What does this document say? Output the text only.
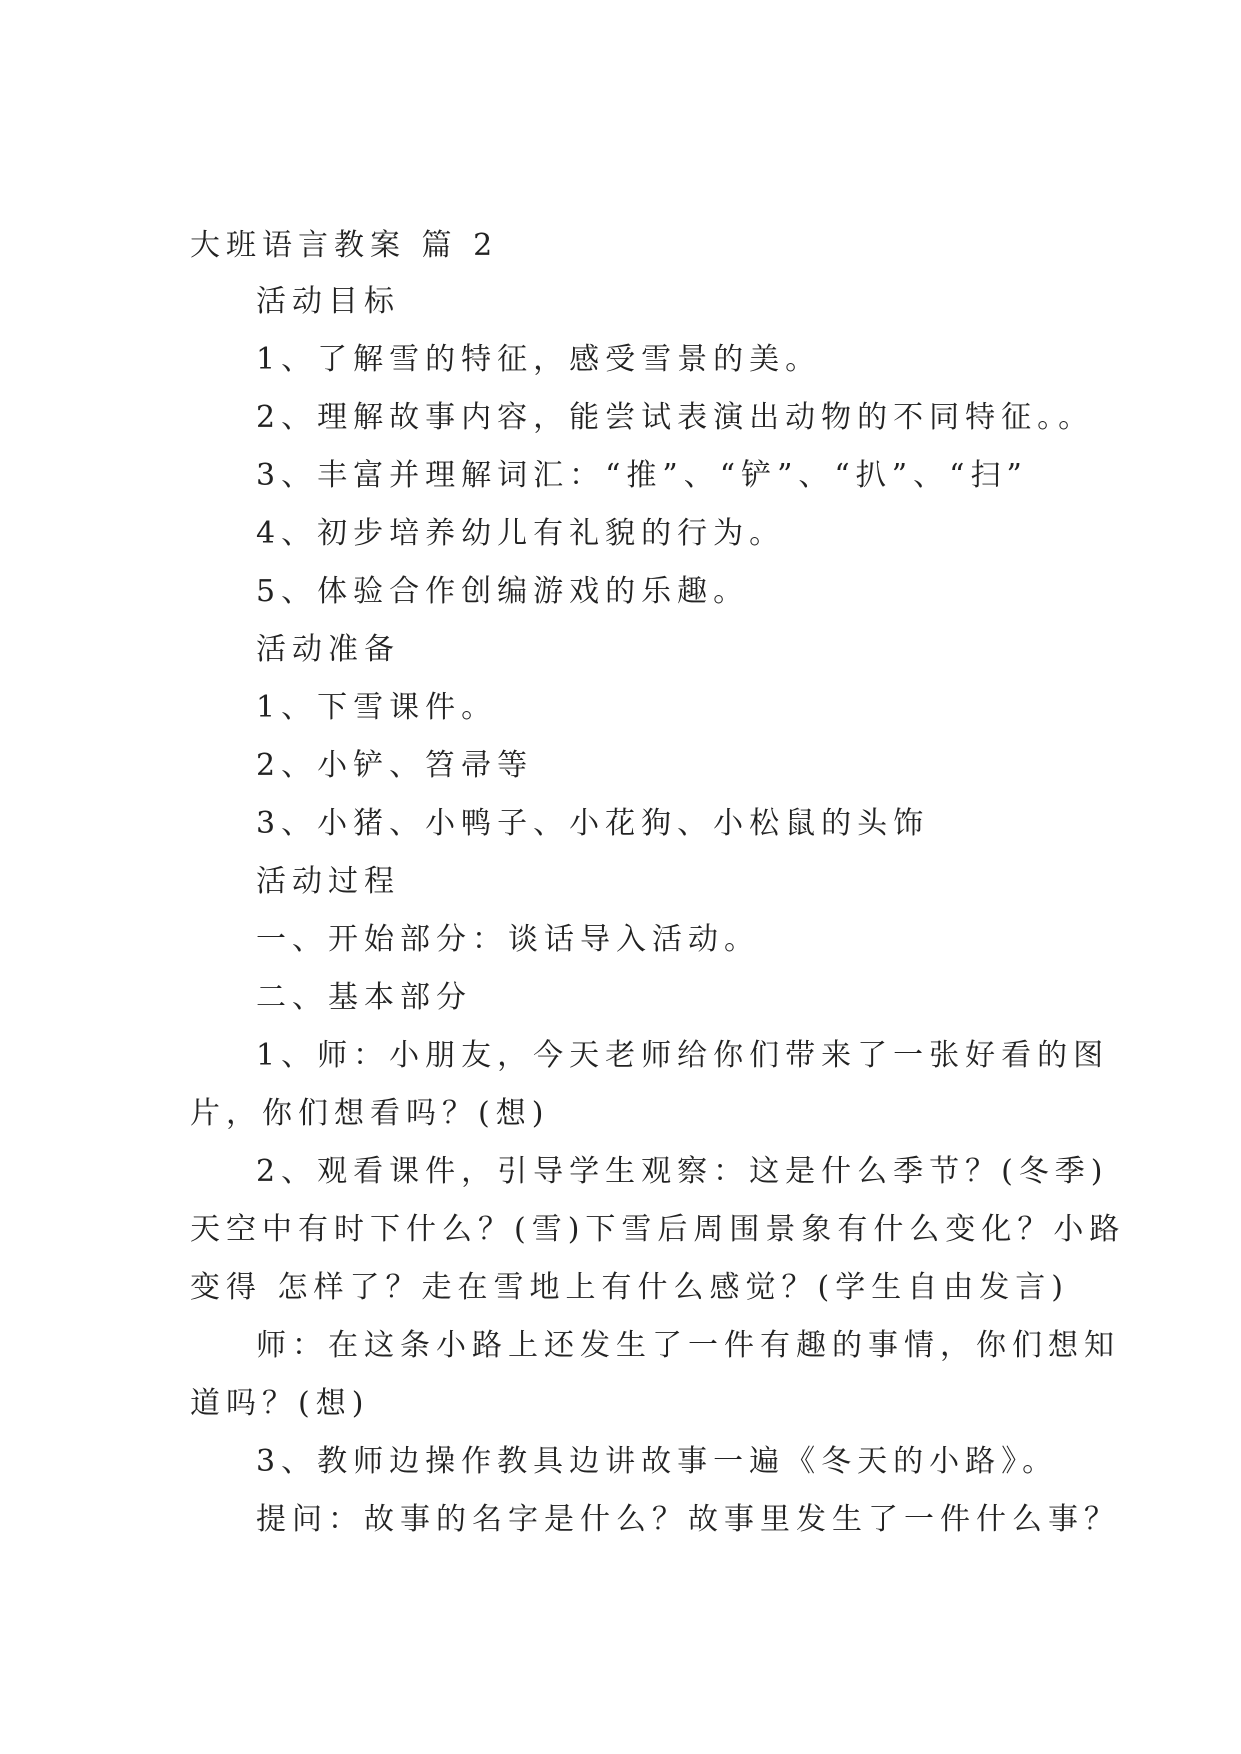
大班语言教案 篇 2
活动目标
1、了解雪的特征，感受雪景的美。
2、理解故事内容，能尝试表演出动物的不同特征。。
3、丰富并理解词汇：“推”、“铲”、“扒”、“扫”
4、初步培养幼儿有礼貌的行为。
5、体验合作创编游戏的乐趣。
活动准备
1、下雪课件。
2、小铲、笤帚等
3、小猪、小鸭子、小花狗、小松鼠的头饰
活动过程
一、开始部分：谈话导入活动。
二、基本部分
1、师：小朋友，今天老师给你们带来了一张好看的图
片，你们想看吗？(想)
2、观看课件，引导学生观察：这是什么季节？(冬季)
天空中有时下什么？(雪)下雪后周围景象有什么变化？小路
变得 怎样了？走在雪地上有什么感觉？(学生自由发言)
师：在这条小路上还发生了一件有趣的事情，你们想知
道吗？(想)
3、教师边操作教具边讲故事一遍《冬天的小路》。
提问：故事的名字是什么？故事里发生了一件什么事？
